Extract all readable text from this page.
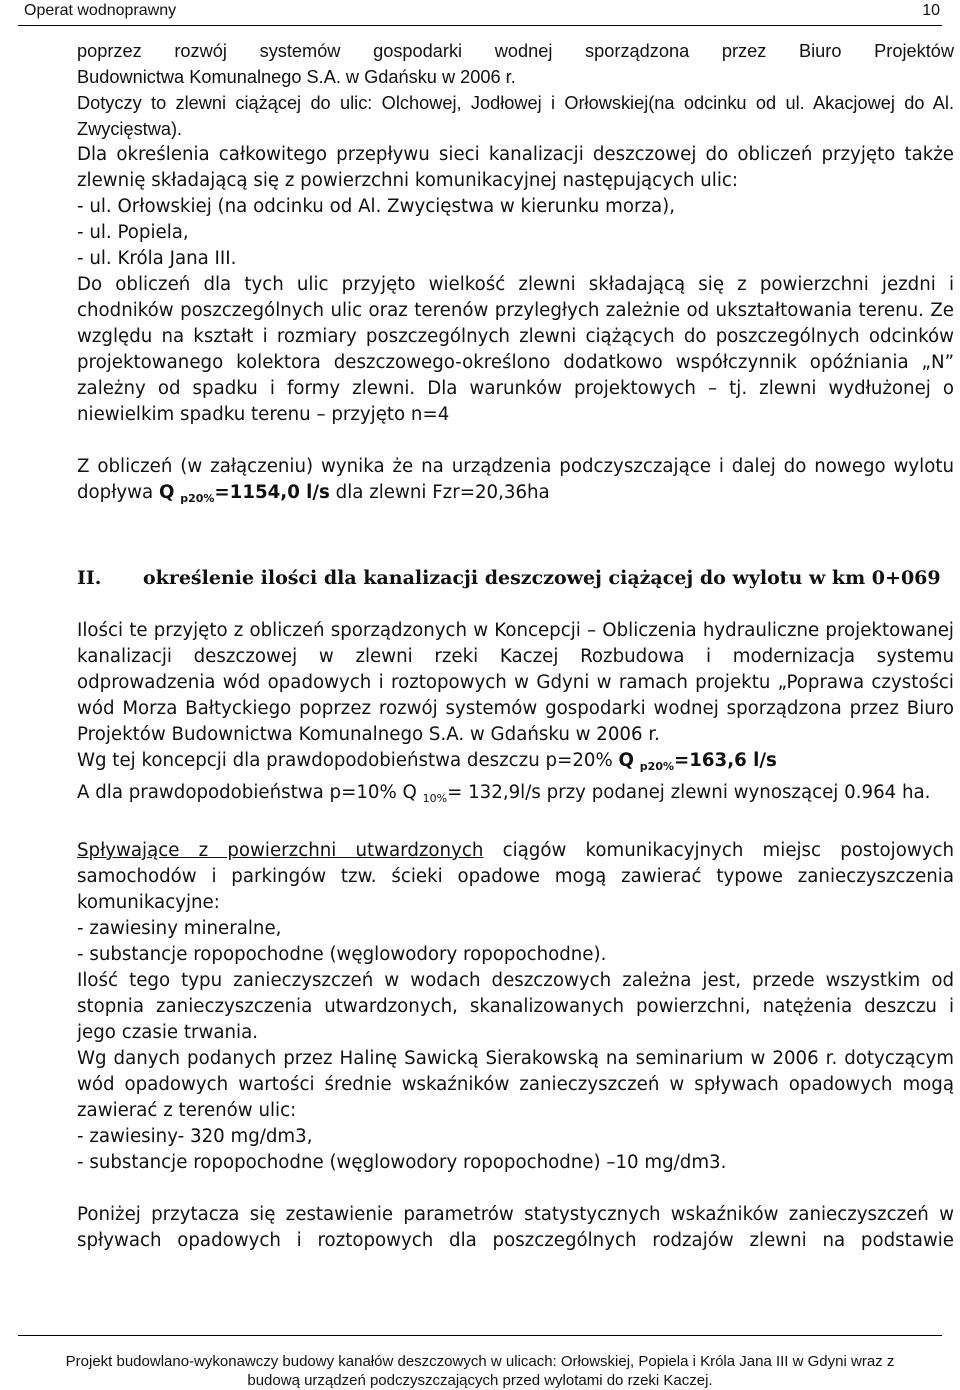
Operat wodnoprawny	10

poprzez rozwój systemów gospodarki wodnej sporządzona przez Biuro Projektów

Budownictwa Komunalnego S.A. w Gdańsku w 2006 r.

Dotyczy to zlewni ciążącej do ulic: Olchowej, Jodłowej i Orłowskiej(na odcinku od ul. Akacjowej do Al. Zwycięstwa).

Dla określenia całkowitego przepływu sieci kanalizacji deszczowej do obliczeń przyjęto także zlewnię składającą się z powierzchni komunikacyjnej następujących ulic:

- ul. Orłowskiej (na odcinku od Al. Zwycięstwa w kierunku morza),

- ul. Popiela,

- ul. Króla Jana III.

Do obliczeń dla tych ulic przyjęto wielkość zlewni składającą się z powierzchni jezdni i chodników poszczególnych ulic oraz terenów przyległych zależnie od ukształtowania terenu. Ze względu na kształt i rozmiary poszczególnych zlewni ciążących do poszczególnych odcinków projektowanego kolektora deszczowego-określono dodatkowo współczynnik opóźniania „N” zależny od spadku i formy zlewni. Dla warunków projektowych – tj. zlewni wydłużonej o niewielkim spadku terenu – przyjęto n=4

Z obliczeń (w załączeniu) wynika że na urządzenia podczyszczające i dalej do nowego wylotu dopływa Q $_{p20\%}$=1154,0 l/s dla zlewni Fzr=20,36ha

II.	określenie ilości dla kanalizacji deszczowej ciążącej do wylotu w km 0+069

Ilości te przyjęto z obliczeń sporządzonych w Koncepcji – Obliczenia hydrauliczne projektowanej kanalizacji deszczowej w zlewni rzeki Kaczej Rozbudowa i modernizacja systemu odprowadzenia wód opadowych i roztopowych w Gdyni w ramach projektu „Poprawa czystości wód Morza Bałtyckiego poprzez rozwój systemów gospodarki wodnej sporządzona przez Biuro Projektów Budownictwa Komunalnego S.A. w Gdańsku w 2006 r.

Wg tej koncepcji dla prawdopodobieństwa deszczu p=20% Q $_{p20\%}$=163,6 l/s

A dla prawdopodobieństwa p=10% Q $_{10\%}$= 132,9l/s przy podanej zlewni wynoszącej 0.964 ha.

Spływające z powierzchni utwardzonych ciągów komunikacyjnych miejsc postojowych samochodów i parkingów tzw. ścieki opadowe mogą zawierać typowe zanieczyszczenia komunikacyjne:

- zawiesiny mineralne,

- substancje ropopochodne (węglowodory ropopochodne).

Ilość tego typu zanieczyszczeń w wodach deszczowych zależna jest, przede wszystkim od stopnia zanieczyszczenia utwardzonych, skanalizowanych powierzchni, natężenia deszczu i jego czasie trwania.

Wg danych podanych przez Halinę Sawicką Sierakowską na seminarium w 2006 r. dotyczącym wód opadowych wartości średnie wskaźników zanieczyszczeń w spływach opadowych mogą zawierać z terenów ulic:

- zawiesiny- 320 mg/dm3,

- substancje ropopochodne (węglowodory ropopochodne) –10 mg/dm3.

Poniżej przytacza się zestawienie parametrów statystycznych wskaźników zanieczyszczeń w spływach opadowych i roztopowych dla poszczególnych rodzajów zlewni na podstawie

Projekt budowlano-wykonawczy budowy kanałów deszczowych w ulicach: Orłowskiej, Popiela i Króla Jana III w Gdyni wraz z
budową urządzeń podczyszczających przed wylotami do rzeki Kaczej.
